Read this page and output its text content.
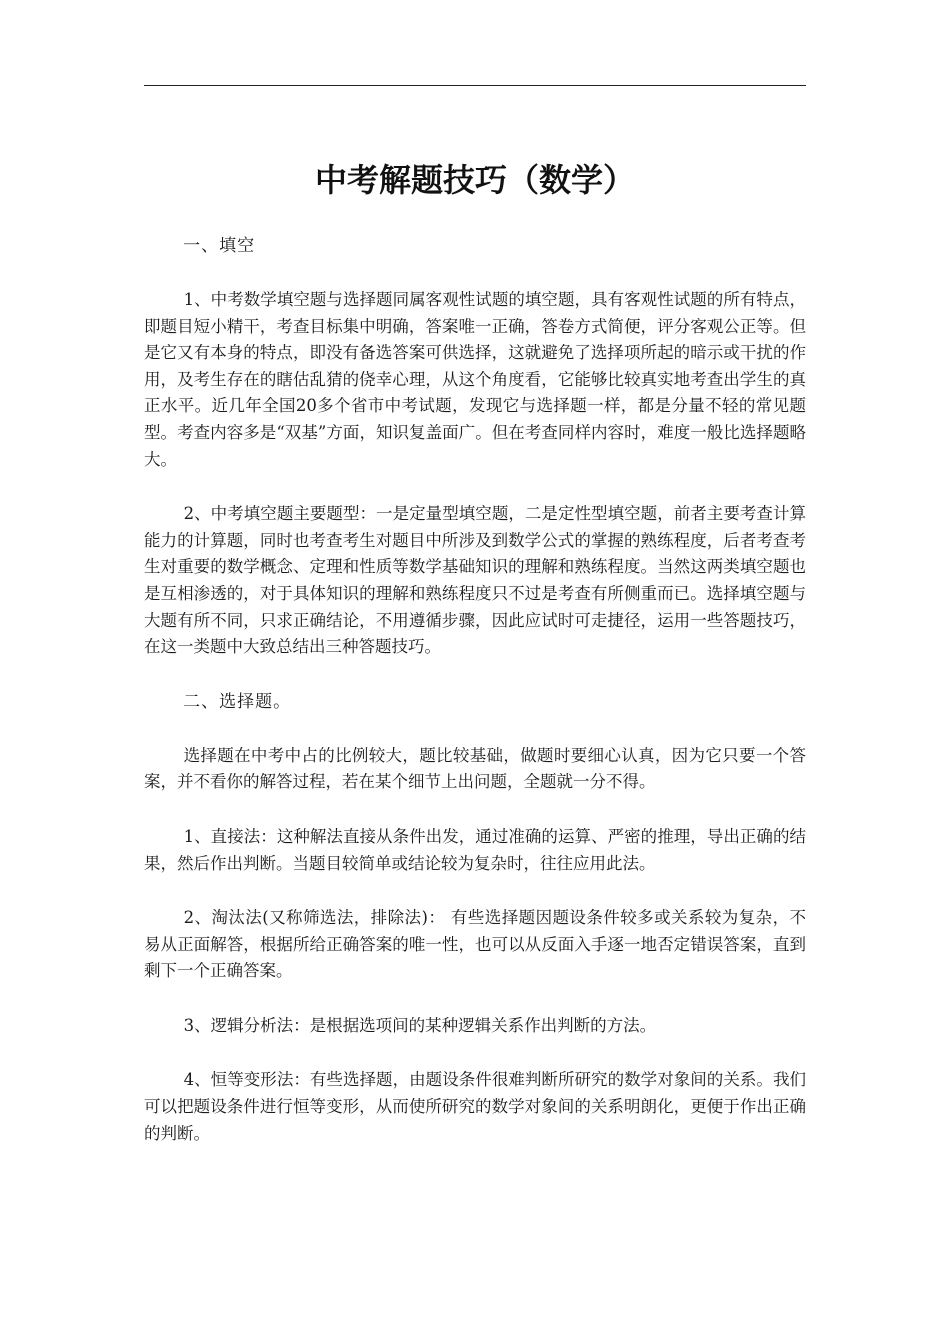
中考解题技巧（数学）

一、填空

1、中考数学填空题与选择题同属客观性试题的填空题，具有客观性试题的所有特点，即题目短小精干，考查目标集中明确，答案唯一正确，答卷方式简便，评分客观公正等。但是它又有本身的特点，即没有备选答案可供选择，这就避免了选择项所起的暗示或干扰的作用，及考生存在的瞎估乱猜的侥幸心理，从这个角度看，它能够比较真实地考查出学生的真正水平。近几年全国20多个省市中考试题，发现它与选择题一样，都是分量不轻的常见题型。考查内容多是“双基”方面，知识复盖面广。但在考查同样内容时，难度一般比选择题略大。

2、中考填空题主要题型：一是定量型填空题，二是定性型填空题，前者主要考查计算能力的计算题，同时也考查考生对题目中所涉及到数学公式的掌握的熟练程度，后者考查考生对重要的数学概念、定理和性质等数学基础知识的理解和熟练程度。当然这两类填空题也是互相渗透的，对于具体知识的理解和熟练程度只不过是考查有所侧重而已。选择填空题与大题有所不同，只求正确结论，不用遵循步骤，因此应试时可走捷径，运用一些答题技巧，在这一类题中大致总结出三种答题技巧。

二、选择题。

选择题在中考中占的比例较大，题比较基础，做题时要细心认真，因为它只要一个答案，并不看你的解答过程，若在某个细节上出问题，全题就一分不得。

1、直接法：这种解法直接从条件出发，通过准确的运算、严密的推理，导出正确的结果，然后作出判断。当题目较简单或结论较为复杂时，往往应用此法。

2、淘汰法(又称筛选法，排除法)： 有些选择题因题设条件较多或关系较为复杂，不易从正面解答，根据所给正确答案的唯一性，也可以从反面入手逐一地否定错误答案，直到剩下一个正确答案。

3、逻辑分析法：是根据选项间的某种逻辑关系作出判断的方法。

4、恒等变形法：有些选择题，由题设条件很难判断所研究的数学对象间的关系。我们可以把题设条件进行恒等变形，从而使所研究的数学对象间的关系明朗化，更便于作出正确的判断。
